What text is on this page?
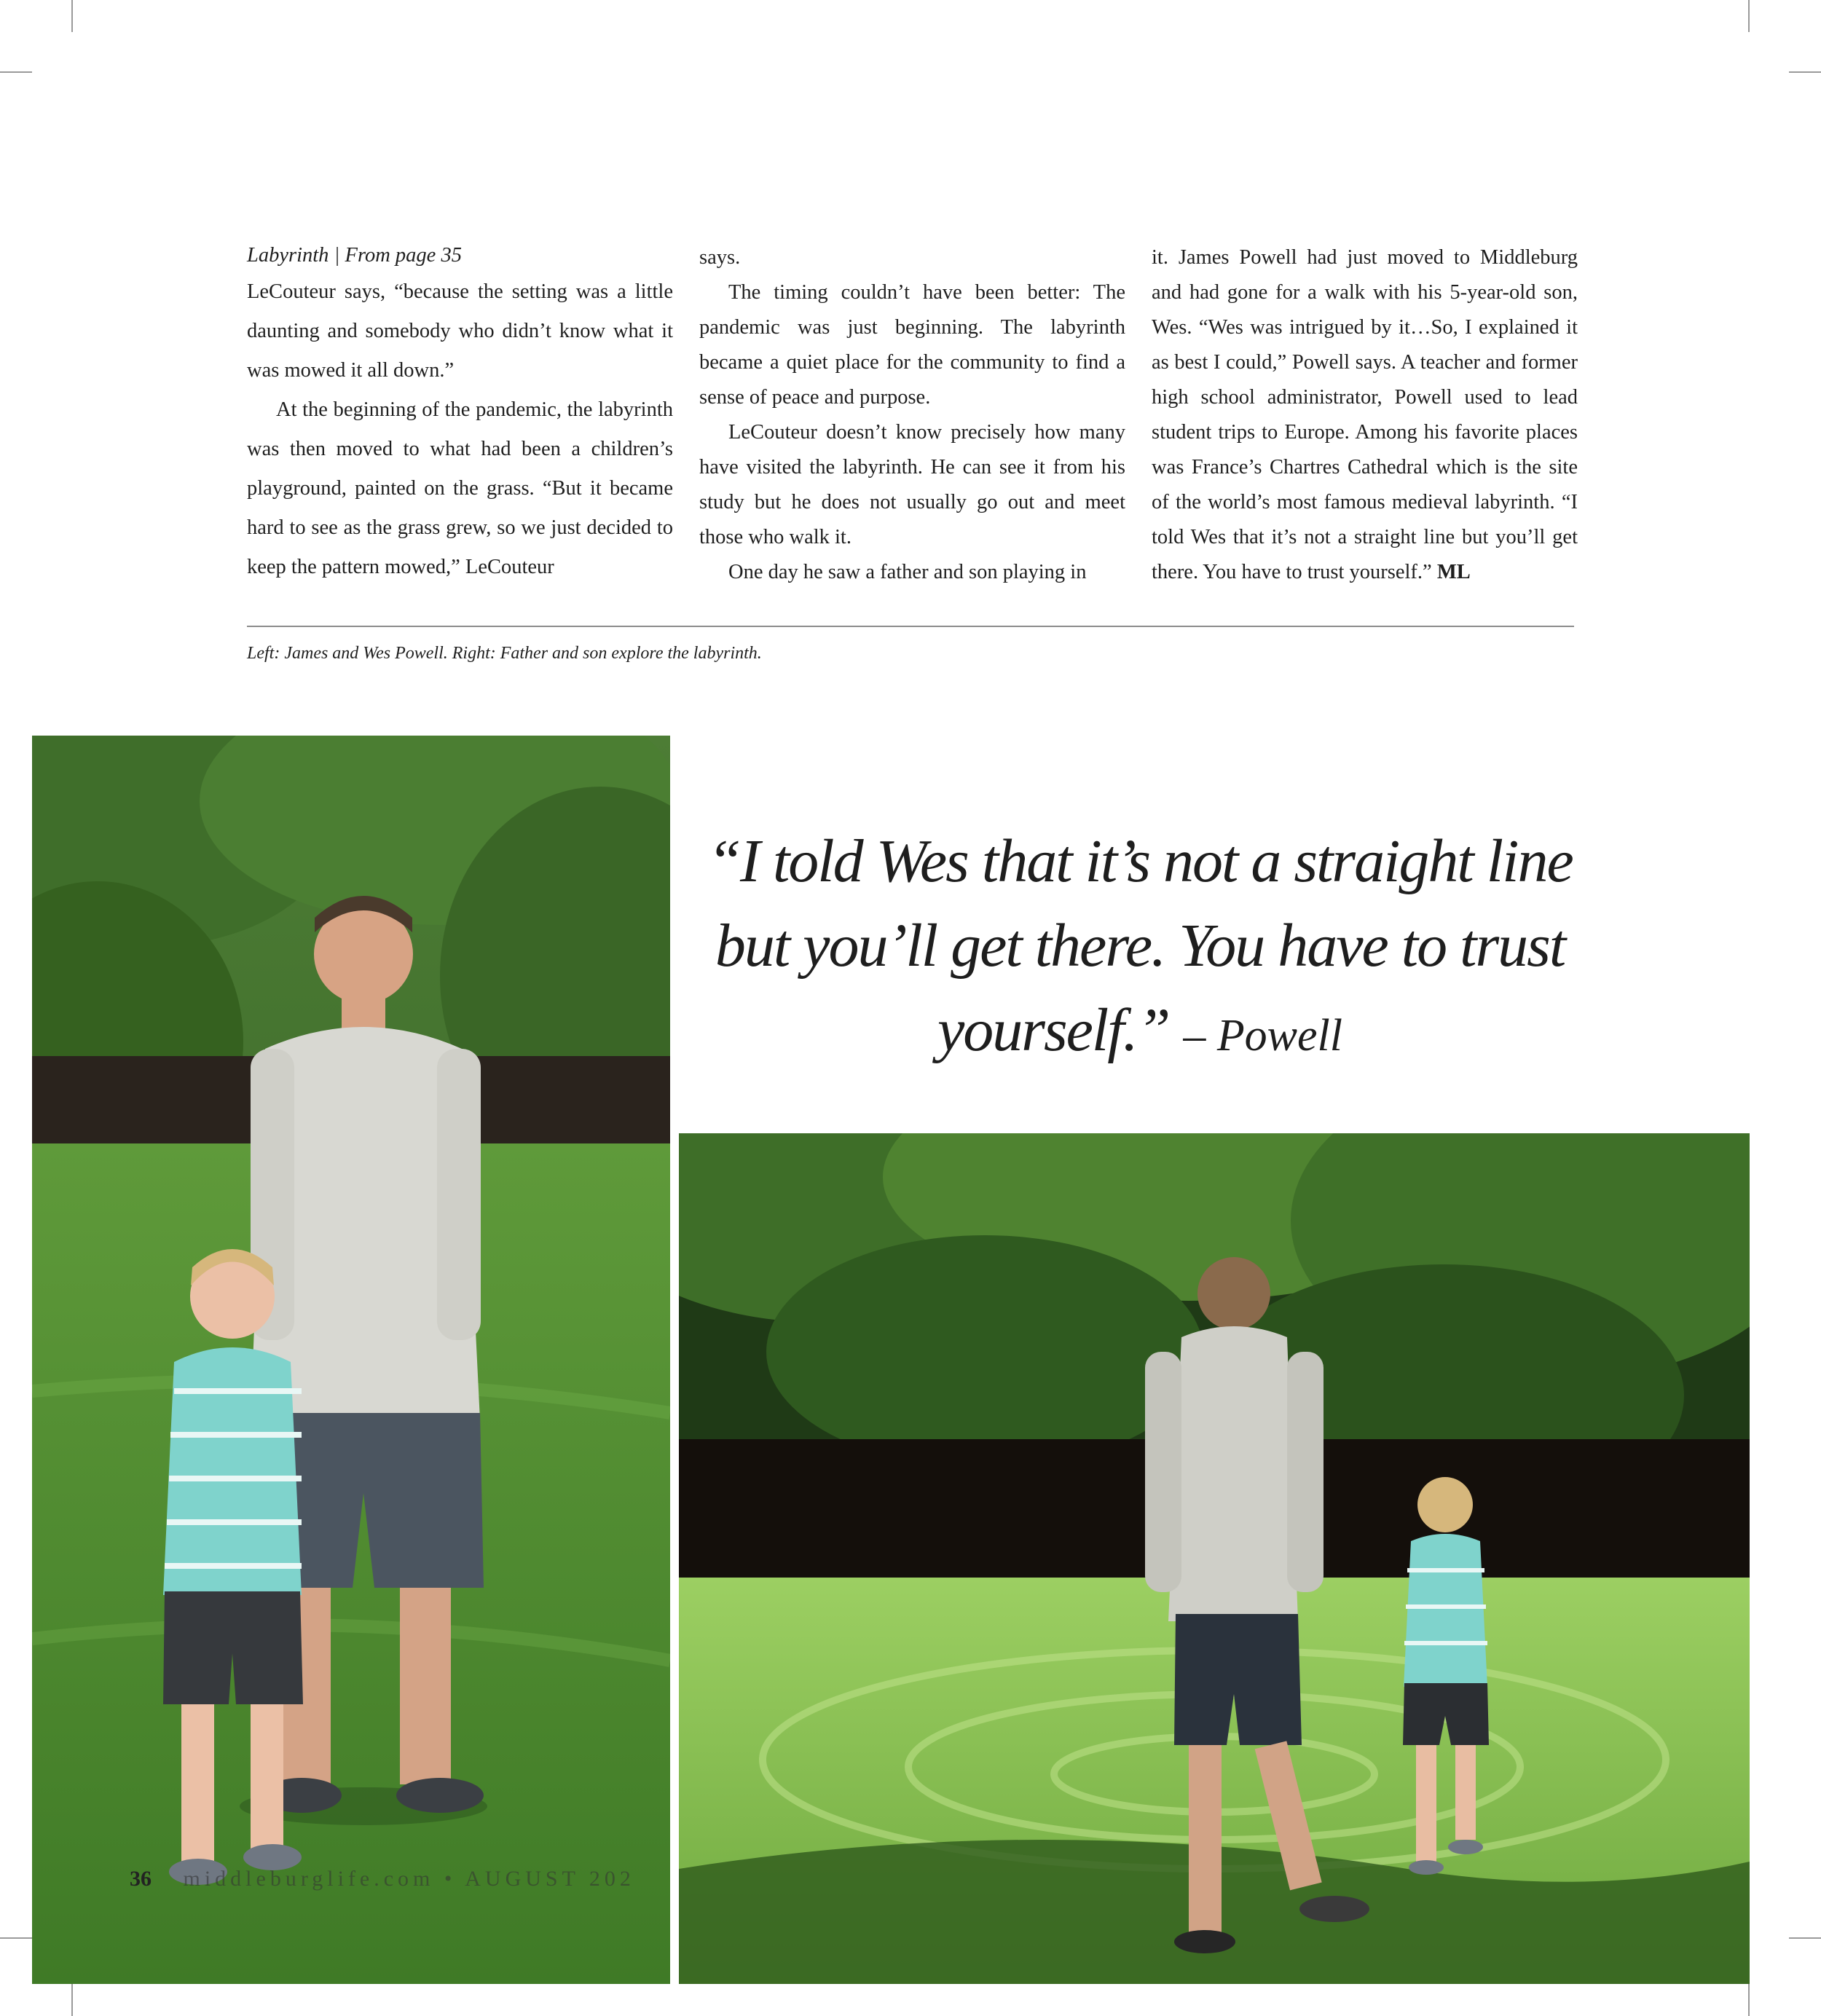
Labyrinth | From page 35

LeCouteur says, “because the setting was a little daunting and somebody who didn’t know what it was mowed it all down.”

At the beginning of the pandemic, the labyrinth was then moved to what had been a children’s playground, painted on the grass. “But it became hard to see as the grass grew, so we just decided to keep the pattern mowed,” LeCouteur

says.

The timing couldn’t have been better: The pandemic was just beginning. The labyrinth became a quiet place for the community to find a sense of peace and purpose.

LeCouteur doesn’t know precisely how many have visited the labyrinth. He can see it from his study but he does not usually go out and meet those who walk it.

One day he saw a father and son playing in

it. James Powell had just moved to Middleburg and had gone for a walk with his 5-year-old son, Wes. “Wes was intrigued by it…So, I explained it as best I could,” Powell says. A teacher and former high school administrator, Powell used to lead student trips to Europe. Among his favorite places was France’s Chartres Cathedral which is the site of the world’s most famous medieval labyrinth. “I told Wes that it’s not a straight line but you’ll get there. You have to trust yourself.” ML

Left: James and Wes Powell. Right: Father and son explore the labyrinth.
“I told Wes that it’s not a straight line but you’ll get there. You have to trust yourself.” – Powell
36 middleburglife.com • AUGUST 202
